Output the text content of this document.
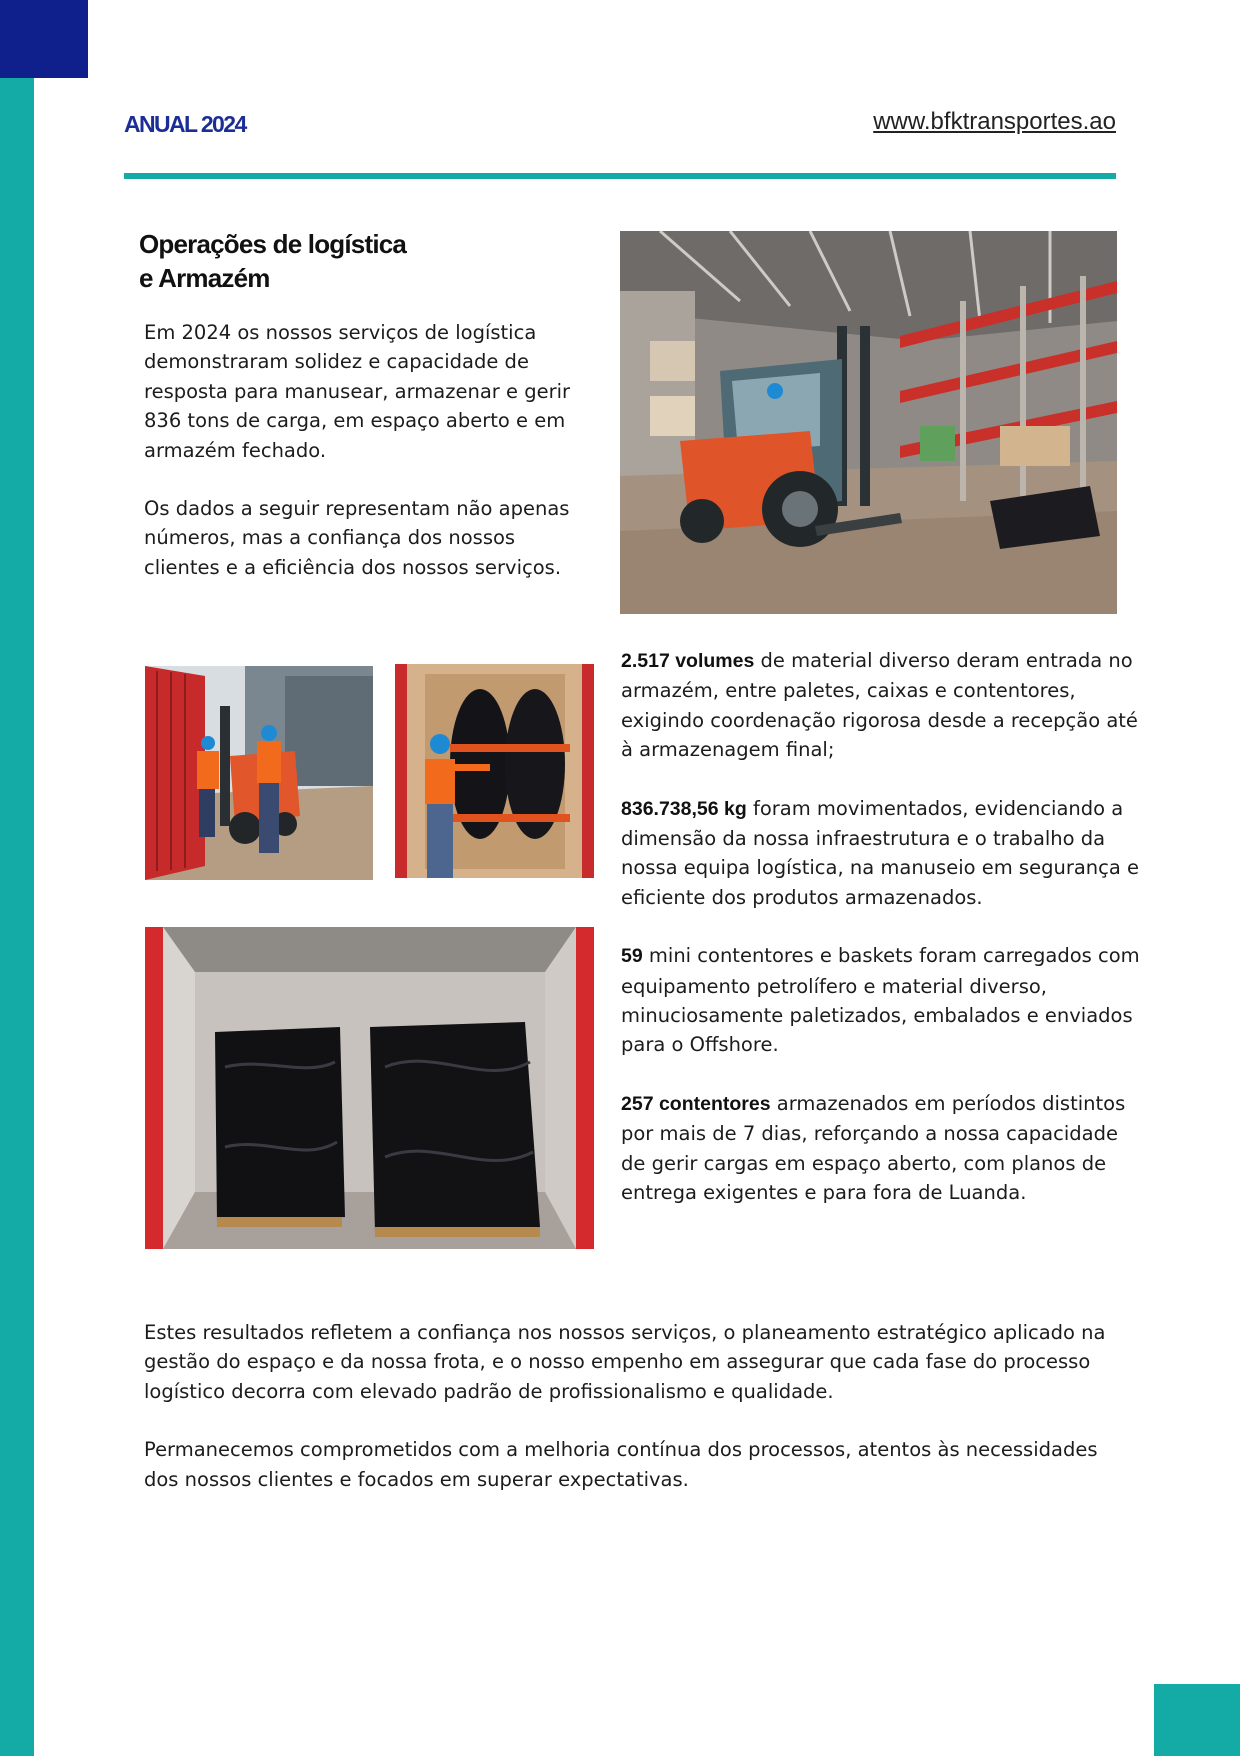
ANUAL 2024	www.bfktransportes.ao
Operações de logística
e Armazém

Em 2024 os nossos serviços de logística demonstraram solidez e capacidade de resposta para manusear, armazenar e gerir 836 tons de carga, em espaço aberto e em armazém fechado.

Os dados a seguir representam não apenas números, mas a confiança dos nossos clientes e a eficiência dos nossos serviços.

2.517 volumes de material diverso deram entrada no armazém, entre paletes, caixas e contentores, exigindo coordenação rigorosa desde a recepção até à armazenagem final;

836.738,56 kg foram movimentados, evidenciando a dimensão da nossa infraestrutura e o trabalho da nossa equipa logística, na manuseio em segurança e eficiente dos produtos armazenados.

59 mini contentores e baskets foram carregados com equipamento petrolífero e material diverso, minuciosamente paletizados, embalados e enviados para o Offshore.

257 contentores armazenados em períodos distintos por mais de 7 dias, reforçando a nossa capacidade de gerir cargas em espaço aberto, com planos de entrega exigentes e para fora de Luanda.

Estes resultados refletem a confiança nos nossos serviços, o planeamento estratégico aplicado na gestão do espaço e da nossa frota, e o nosso empenho em assegurar que cada fase do processo logístico decorra com elevado padrão de profissionalismo e qualidade.

Permanecemos comprometidos com a melhoria contínua dos processos, atentos às necessidades dos nossos clientes e focados em superar expectativas.
